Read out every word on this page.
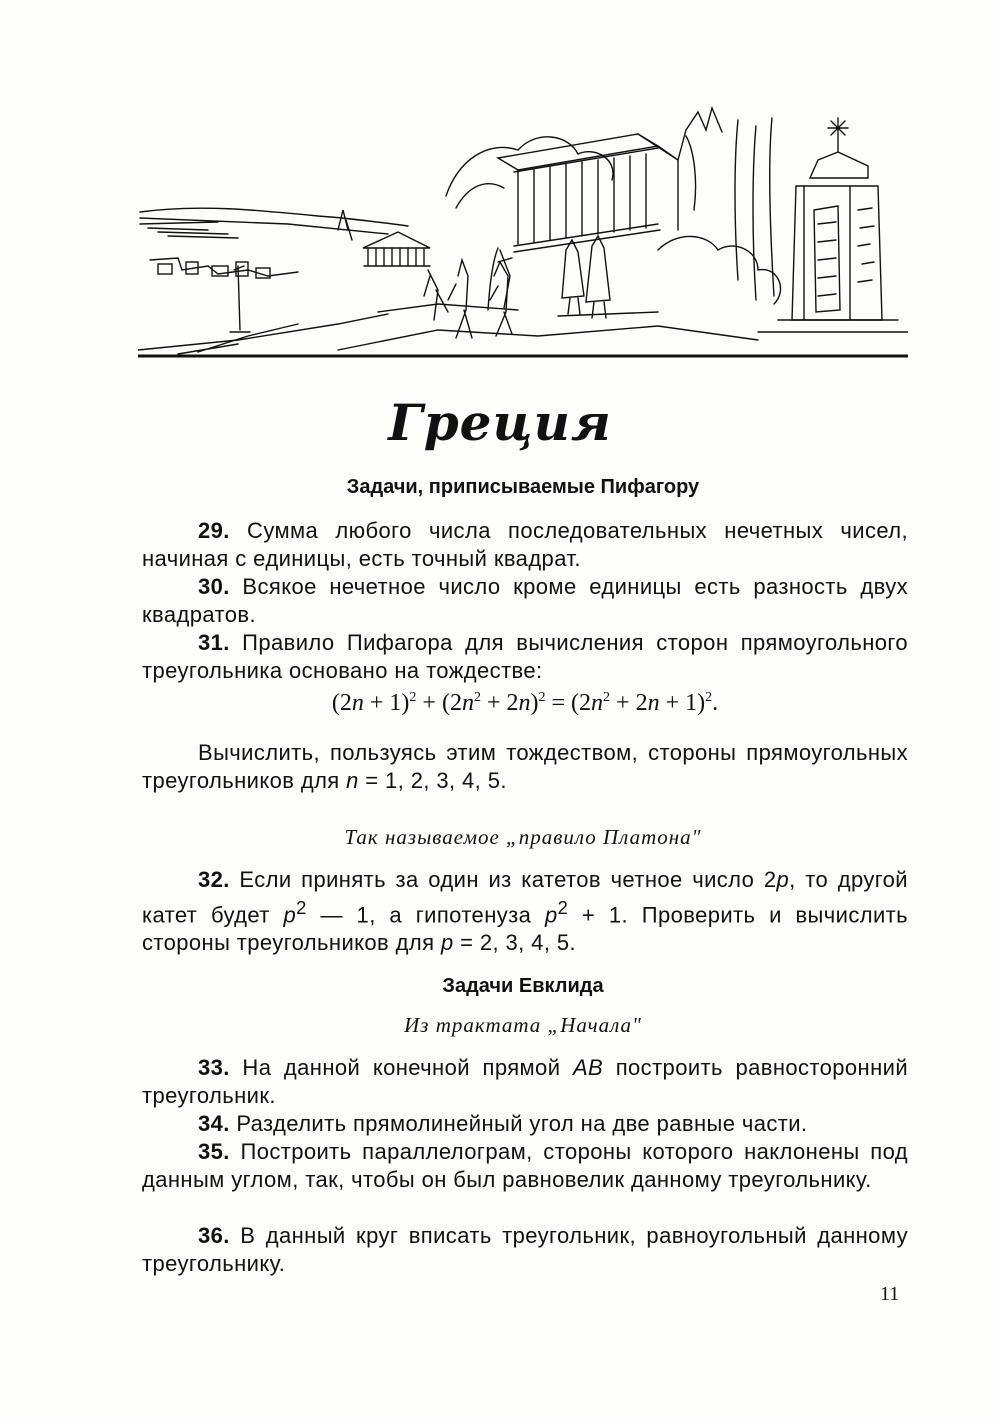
Греция
Задачи, приписываемые Пифагору
29. Сумма любого числа последовательных нечетных чисел, начиная с единицы, есть точный квадрат.
30. Всякое нечетное число кроме единицы есть разность двух квадратов.
31. Правило Пифагора для вычисления сторон прямоугольного треугольника основано на тождестве:
$(2n + 1)^2 + (2n^2 + 2n)^2 = (2n^2 + 2n + 1)^2$.
Вычислить, пользуясь этим тождеством, стороны прямоугольных треугольников для n = 1, 2, 3, 4, 5.
Так называемое „правило Платона"
32. Если принять за один из катетов четное число 2p, то другой катет будет $p^2$ — 1, а гипотенуза $p^2 + 1$. Проверить и вычислить стороны треугольников для p = 2, 3, 4, 5.
Задачи Евклида
Из трактата „Начала"
33. На данной конечной прямой AB построить равносторонний треугольник.
34. Разделить прямолинейный угол на две равные части.
35. Построить параллелограм, стороны которого наклонены под данным углом, так, чтобы он был равновелик данному треугольнику.
36. В данный круг вписать треугольник, равноугольный данному треугольнику.
11
